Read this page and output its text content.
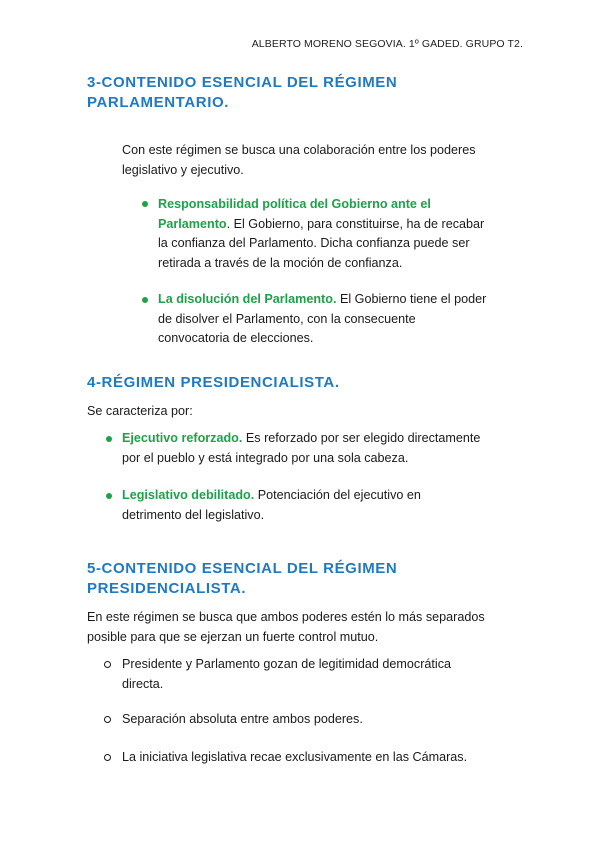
ALBERTO MORENO SEGOVIA. 1º GADED. GRUPO T2.
3-CONTENIDO ESENCIAL DEL RÉGIMEN
PARLAMENTARIO.
Con este régimen se busca una colaboración entre los poderes
legislativo y ejecutivo.
Responsabilidad política del Gobierno ante el
Parlamento. El Gobierno, para constituirse, ha de recabar
la confianza del Parlamento. Dicha confianza puede ser
retirada a través de la moción de confianza.
La disolución del Parlamento. El Gobierno tiene el poder
de disolver el Parlamento, con la consecuente
convocatoria de elecciones.
4-RÉGIMEN PRESIDENCIALISTA.
Se caracteriza por:
Ejecutivo reforzado. Es reforzado por ser elegido directamente
por el pueblo y está integrado por una sola cabeza.
Legislativo debilitado. Potenciación del ejecutivo en
detrimento del legislativo.
5-CONTENIDO ESENCIAL DEL RÉGIMEN
PRESIDENCIALISTA.
En este régimen se busca que ambos poderes estén lo más separados
posible para que se ejerzan un fuerte control mutuo.
Presidente y Parlamento gozan de legitimidad democrática
directa.
Separación absoluta entre ambos poderes.
La iniciativa legislativa recae exclusivamente en las Cámaras.
